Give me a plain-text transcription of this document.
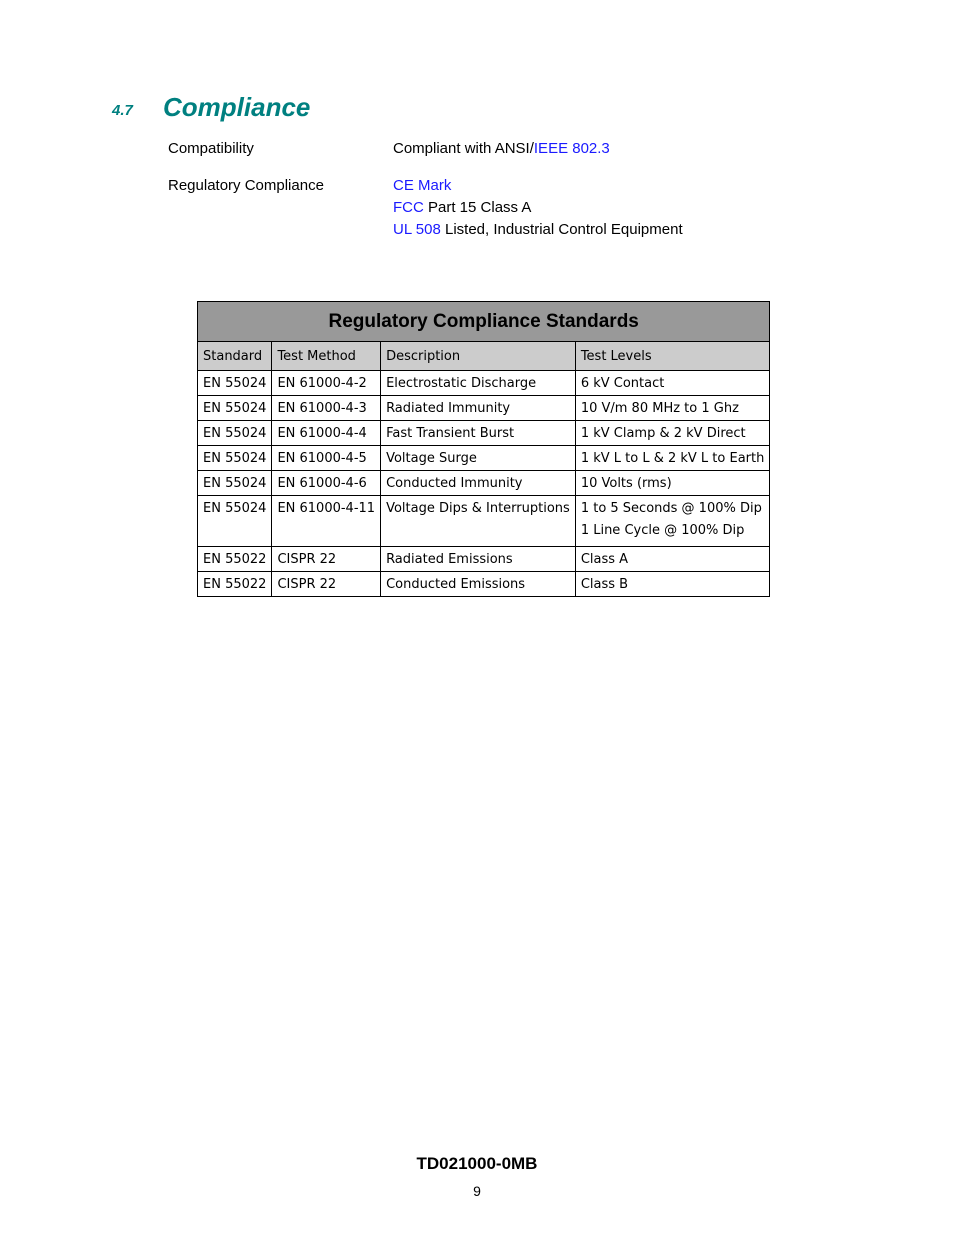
4.7 Compliance
Compatibility	Compliant with ANSI/IEEE 802.3
Regulatory Compliance	CE Mark
FCC Part 15 Class A
UL 508 Listed, Industrial Control Equipment
Regulatory Compliance Standards			
Standard	Test Method	Description	Test Levels
EN 55024	EN 61000-4-2	Electrostatic Discharge	6 kV Contact
EN 55024	EN 61000-4-3	Radiated Immunity	10 V/m 80 MHz to 1 Ghz
EN 55024	EN 61000-4-4	Fast Transient Burst	1 kV Clamp & 2 kV Direct
EN 55024	EN 61000-4-5	Voltage Surge	1 kV L to L & 2 kV L to Earth
EN 55024	EN 61000-4-6	Conducted Immunity	10 Volts (rms)
EN 55024	EN 61000-4-11	Voltage Dips & Interruptions	1 to 5 Seconds @ 100% Dip
1 Line Cycle @ 100% Dip

EN 55022	CISPR 22	Radiated Emissions	Class A
EN 55022	CISPR 22	Conducted Emissions	Class B
TD021000-0MB
9
